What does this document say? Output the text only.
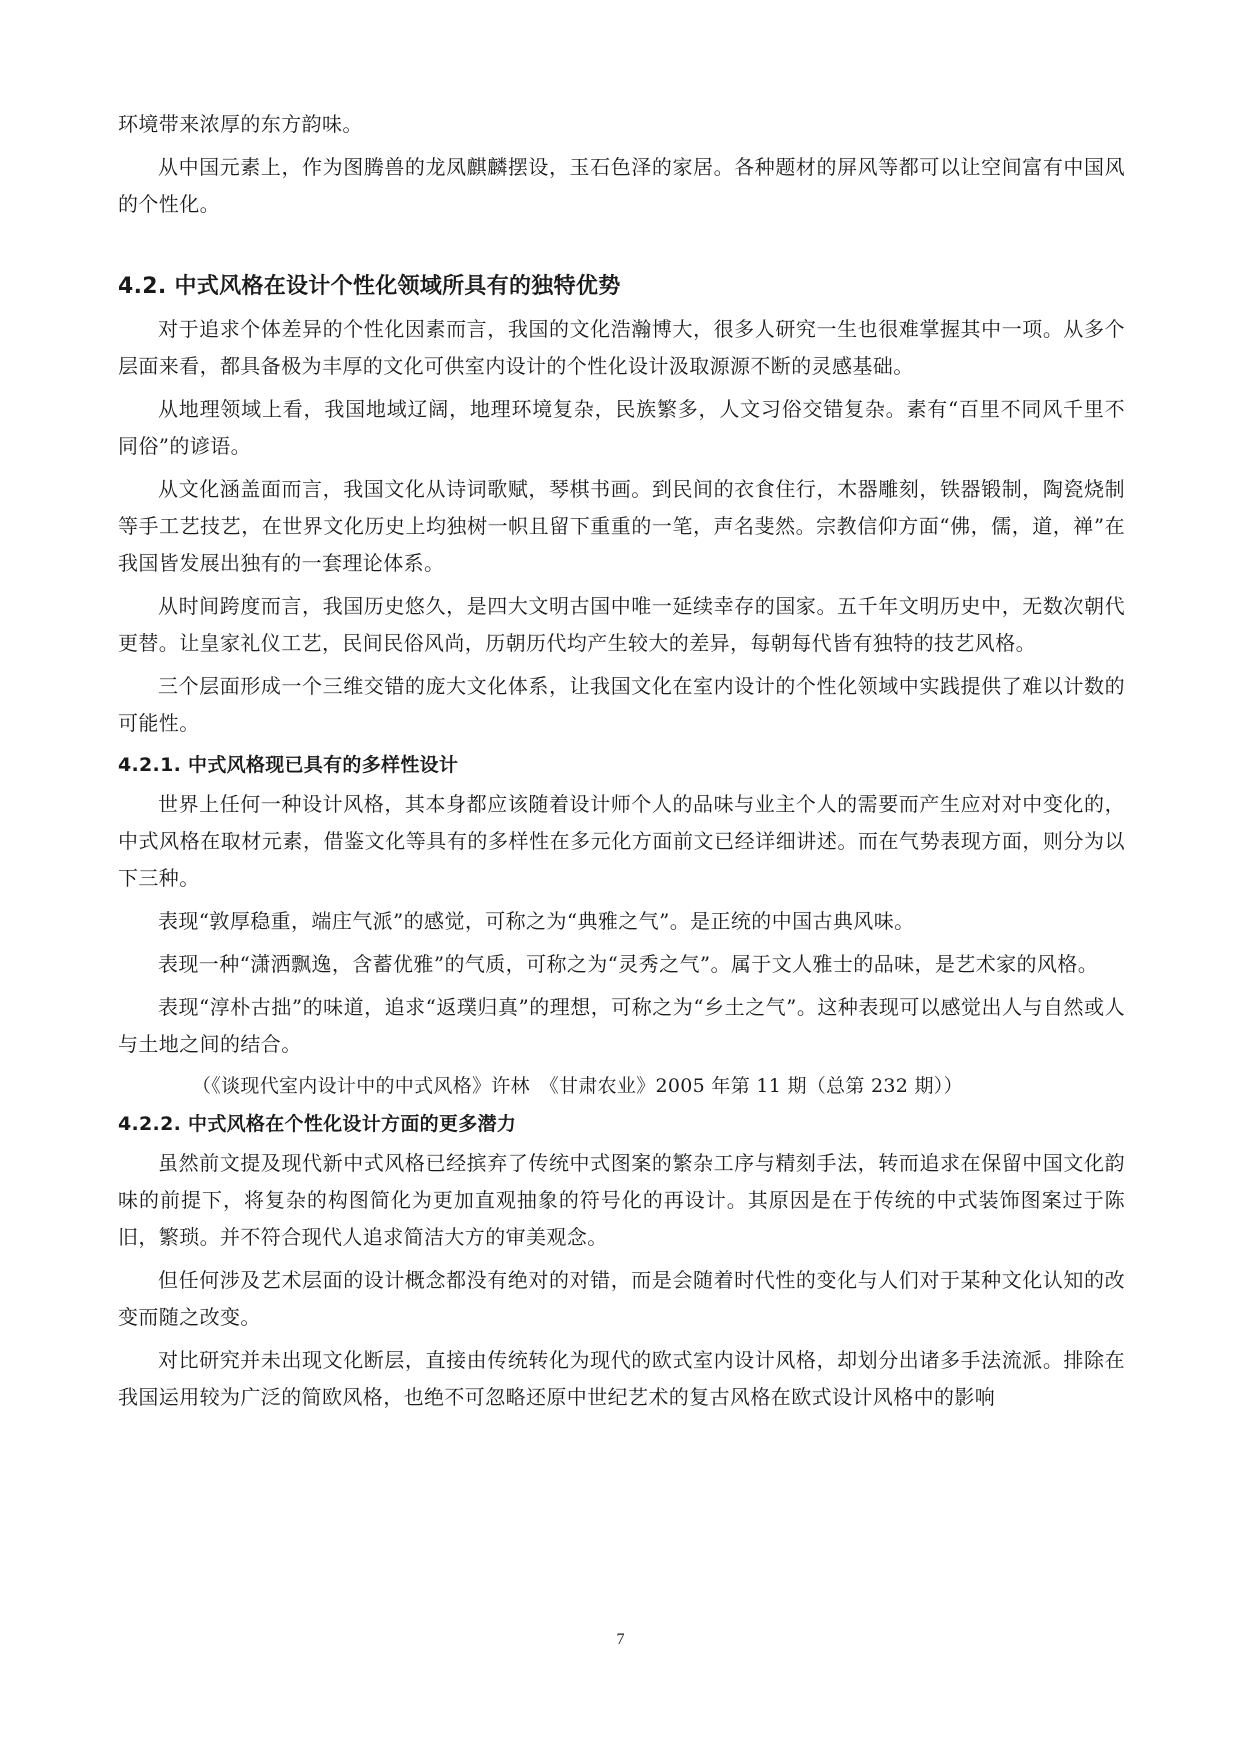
环境带来浓厚的东方韵味。

从中国元素上，作为图腾兽的龙凤麒麟摆设，玉石色泽的家居。各种题材的屏风等都可以让空间富有中国风的个性化。

4.2. 中式风格在设计个性化领域所具有的独特优势

对于追求个体差异的个性化因素而言，我国的文化浩瀚博大，很多人研究一生也很难掌握其中一项。从多个层面来看，都具备极为丰厚的文化可供室内设计的个性化设计汲取源源不断的灵感基础。

从地理领域上看，我国地域辽阔，地理环境复杂，民族繁多，人文习俗交错复杂。素有“百里不同风千里不同俗”的谚语。

从文化涵盖面而言，我国文化从诗词歌赋，琴棋书画。到民间的衣食住行，木器雕刻，铁器锻制，陶瓷烧制等手工艺技艺，在世界文化历史上均独树一帜且留下重重的一笔，声名斐然。宗教信仰方面“佛，儒，道，禅”在我国皆发展出独有的一套理论体系。

从时间跨度而言，我国历史悠久，是四大文明古国中唯一延续幸存的国家。五千年文明历史中，无数次朝代更替。让皇家礼仪工艺，民间民俗风尚，历朝历代均产生较大的差异，每朝每代皆有独特的技艺风格。

三个层面形成一个三维交错的庞大文化体系，让我国文化在室内设计的个性化领域中实践提供了难以计数的可能性。

4.2.1. 中式风格现已具有的多样性设计

世界上任何一种设计风格，其本身都应该随着设计师个人的品味与业主个人的需要而产生应对对中变化的，中式风格在取材元素，借鉴文化等具有的多样性在多元化方面前文已经详细讲述。而在气势表现方面，则分为以下三种。

表现“敦厚稳重，端庄气派”的感觉，可称之为“典雅之气”。是正统的中国古典风味。

表现一种“潇洒飘逸，含蓄优雅”的气质，可称之为“灵秀之气”。属于文人雅士的品味，是艺术家的风格。

表现“淳朴古拙”的味道，追求“返璞归真”的理想，可称之为“乡土之气”。这种表现可以感觉出人与自然或人与土地之间的结合。

（《谈现代室内设计中的中式风格》许林　《甘肃农业》2005 年第 11 期（总第 232 期））

4.2.2. 中式风格在个性化设计方面的更多潜力

虽然前文提及现代新中式风格已经摈弃了传统中式图案的繁杂工序与精刻手法，转而追求在保留中国文化韵味的前提下，将复杂的构图简化为更加直观抽象的符号化的再设计。其原因是在于传统的中式装饰图案过于陈旧，繁琐。并不符合现代人追求简洁大方的审美观念。

但任何涉及艺术层面的设计概念都没有绝对的对错，而是会随着时代性的变化与人们对于某种文化认知的改变而随之改变。

对比研究并未出现文化断层，直接由传统转化为现代的欧式室内设计风格，却划分出诸多手法流派。排除在我国运用较为广泛的简欧风格，也绝不可忽略还原中世纪艺术的复古风格在欧式设计风格中的影响

7
